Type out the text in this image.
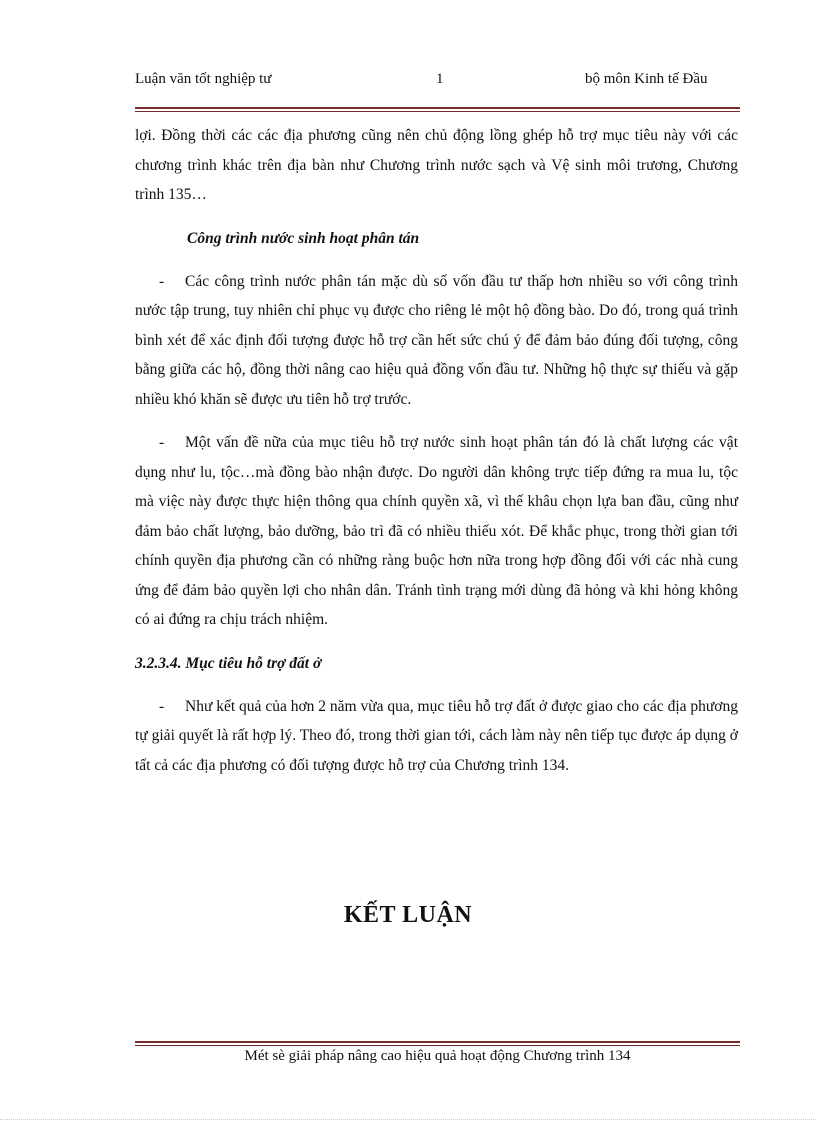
Luận văn tốt nghiệp tư	1	bộ môn Kinh tế Đầu

lợi. Đồng thời các các địa phương cũng nên chủ động lồng ghép hỗ trợ mục tiêu này với các chương trình khác trên địa bàn như Chương trình nước sạch và Vệ sinh môi trương, Chương trình 135…

Công trình nước sinh hoạt phân tán

- Các công trình nước phân tán mặc dù số vốn đầu tư thấp hơn nhiều so với công trình nước tập trung, tuy nhiên chỉ phục vụ được cho riêng lẻ một hộ đồng bào. Do đó, trong quá trình bình xét để xác định đối tượng được hỗ trợ cần hết sức chú ý để đảm bảo đúng đối tượng, công bằng giữa các hộ, đồng thời nâng cao hiệu quả đồng vốn đầu tư. Những hộ thực sự thiếu và gặp nhiều khó khăn sẽ được ưu tiên hỗ trợ trước.

- Một vấn đề nữa của mục tiêu hỗ trợ nước sinh hoạt phân tán đó là chất lượng các vật dụng như lu, tộc…mà đồng bào nhận được. Do người dân không trực tiếp đứng ra mua lu, tộc mà việc này được thực hiện thông qua chính quyền xã, vì thế khâu chọn lựa ban đầu, cũng như đảm bảo chất lượng, bảo dưỡng, bảo trì đã có nhiều thiếu xót. Để khắc phục, trong thời gian tới chính quyền địa phương cần có những ràng buộc hơn nữa trong hợp đồng đối với các nhà cung ứng để đảm bảo quyền lợi cho nhân dân. Tránh tình trạng mới dùng đã hỏng và khi hỏng không có ai đứng ra chịu trách nhiệm.

3.2.3.4. Mục tiêu hỗ trợ đất ở

- Như kết quả của hơn 2 năm vừa qua, mục tiêu hỗ trợ đất ở được giao cho các địa phương tự giải quyết là rất hợp lý. Theo đó, trong thời gian tới, cách làm này nên tiếp tục được áp dụng ở tất cả các địa phương có đối tượng được hỗ trợ của Chương trình 134.

KẾT LUẬN
Mét sè giải pháp nâng cao hiệu quả hoạt động Chương trình 134
